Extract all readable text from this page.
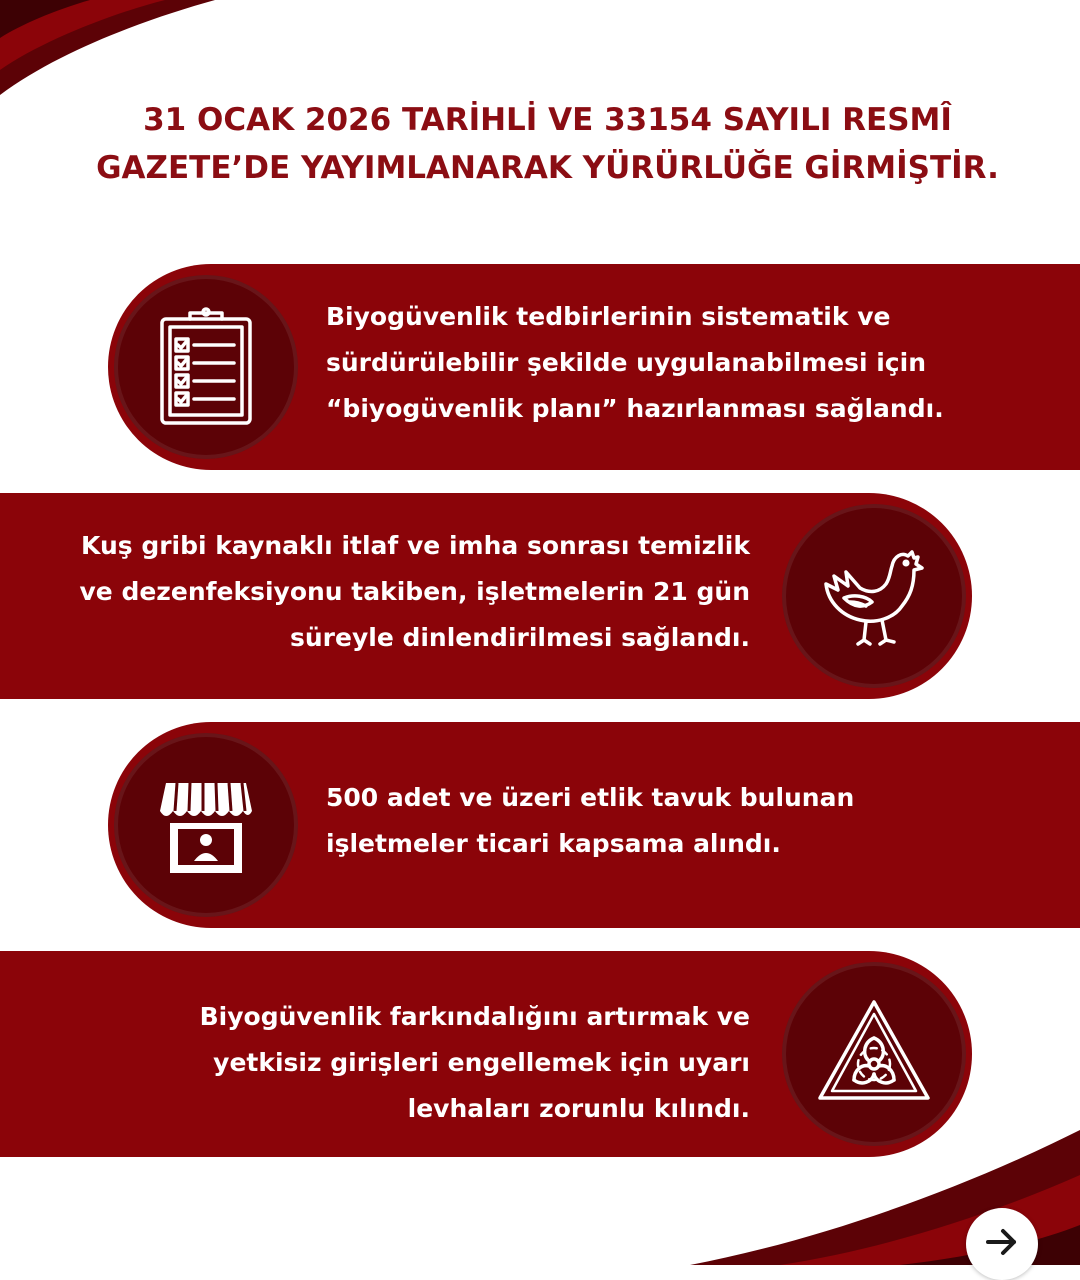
31 OCAK 2026 TARİHLİ VE 33154 SAYILI RESMÎ
GAZETE’DE YAYIMLANARAK YÜRÜRLÜĞE GİRMİŞTİR.

Biyogüvenlik tedbirlerinin sistematik ve
sürdürülebilir şekilde uygulanabilmesi için
“biyogüvenlik planı” hazırlanması sağlandı.

Kuş gribi kaynaklı itlaf ve imha sonrası temizlik
ve dezenfeksiyonu takiben, işletmelerin 21 gün
süreyle dinlendirilmesi sağlandı.

500 adet ve üzeri etlik tavuk bulunan
işletmeler ticari kapsama alındı.

Biyogüvenlik farkındalığını artırmak ve
yetkisiz girişleri engellemek için uyarı
levhaları zorunlu kılındı.
